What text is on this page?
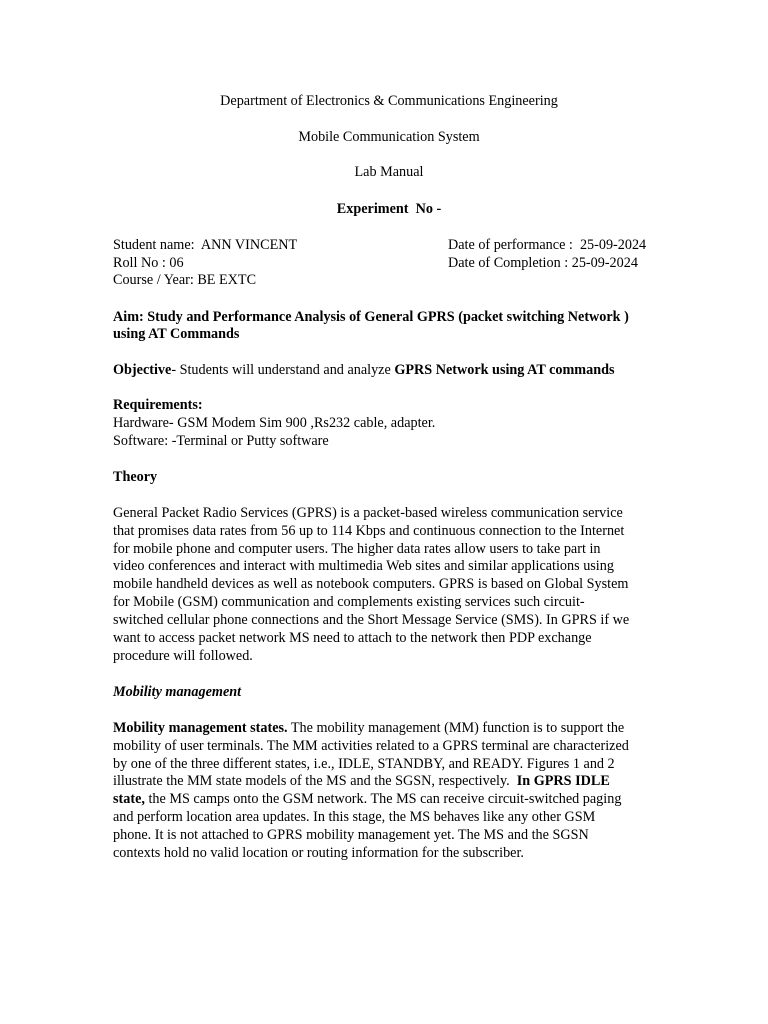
Department of Electronics & Communications Engineering
Mobile Communication System
Lab Manual
Experiment  No -
Student name:  ANN VINCENT
Roll No : 06
Course / Year: BE EXTC
Date of performance :  25-09-2024
Date of Completion : 25-09-2024
Aim: Study and Performance Analysis of General GPRS (packet switching Network )
using AT Commands
Objective- Students will understand and analyze GPRS Network using AT commands
Requirements:
Hardware- GSM Modem Sim 900 ,Rs232 cable, adapter.
Software: -Terminal or Putty software
Theory
General Packet Radio Services (GPRS) is a packet-based wireless communication service
that promises data rates from 56 up to 114 Kbps and continuous connection to the Internet
for mobile phone and computer users. The higher data rates allow users to take part in
video conferences and interact with multimedia Web sites and similar applications using
mobile handheld devices as well as notebook computers. GPRS is based on Global System
for Mobile (GSM) communication and complements existing services such circuit-
switched cellular phone connections and the Short Message Service (SMS). In GPRS if we
want to access packet network MS need to attach to the network then PDP exchange
procedure will followed.
Mobility management
Mobility management states. The mobility management (MM) function is to support the
mobility of user terminals. The MM activities related to a GPRS terminal are characterized
by one of the three different states, i.e., IDLE, STANDBY, and READY. Figures 1 and 2
illustrate the MM state models of the MS and the SGSN, respectively.  In GPRS IDLE
state, the MS camps onto the GSM network. The MS can receive circuit-switched paging
and perform location area updates. In this stage, the MS behaves like any other GSM
phone. It is not attached to GPRS mobility management yet. The MS and the SGSN
contexts hold no valid location or routing information for the subscriber.
